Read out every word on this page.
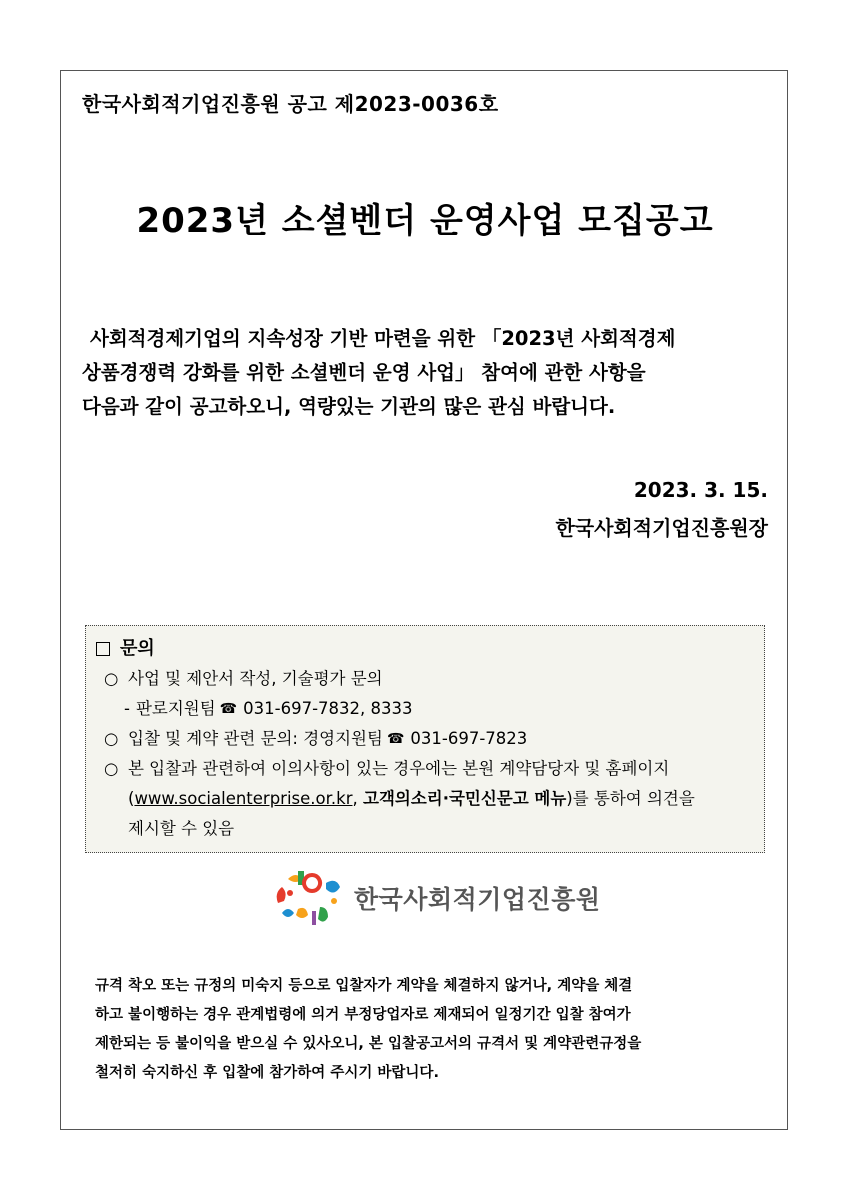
한국사회적기업진흥원 공고 제2023-0036호
2023년 소셜벤더 운영사업 모집공고

사회적경제기업의 지속성장 기반 마련을 위한 「2023년 사회적경제

상품경쟁력 강화를 위한 소셜벤더 운영 사업」 참여에 관한 사항을

다음과 같이 공고하오니, 역량있는 기관의 많은 관심 바랍니다.

2023. 3. 15.
한국사회적기업진흥원장
문의
○ 사업 및 제안서 작성, 기술평가 문의
- 판로지원팀 ☎ 031-697-7832, 8333
○ 입찰 및 계약 관련 문의: 경영지원팀 ☎ 031-697-7823
○ 본 입찰과 관련하여 이의사항이 있는 경우에는 본원 계약담당자 및 홈페이지
(www.socialenterprise.or.kr, 고객의소리·국민신문고 메뉴)를 통하여 의견을
제시할 수 있음
한국사회적기업진흥원

규격 착오 또는 규정의 미숙지 등으로 입찰자가 계약을 체결하지 않거나, 계약을 체결

하고 불이행하는 경우 관계법령에 의거 부정당업자로 제재되어 일정기간 입찰 참여가

제한되는 등 불이익을 받으실 수 있사오니, 본 입찰공고서의 규격서 및 계약관련규정을

철저히 숙지하신 후 입찰에 참가하여 주시기 바랍니다.
